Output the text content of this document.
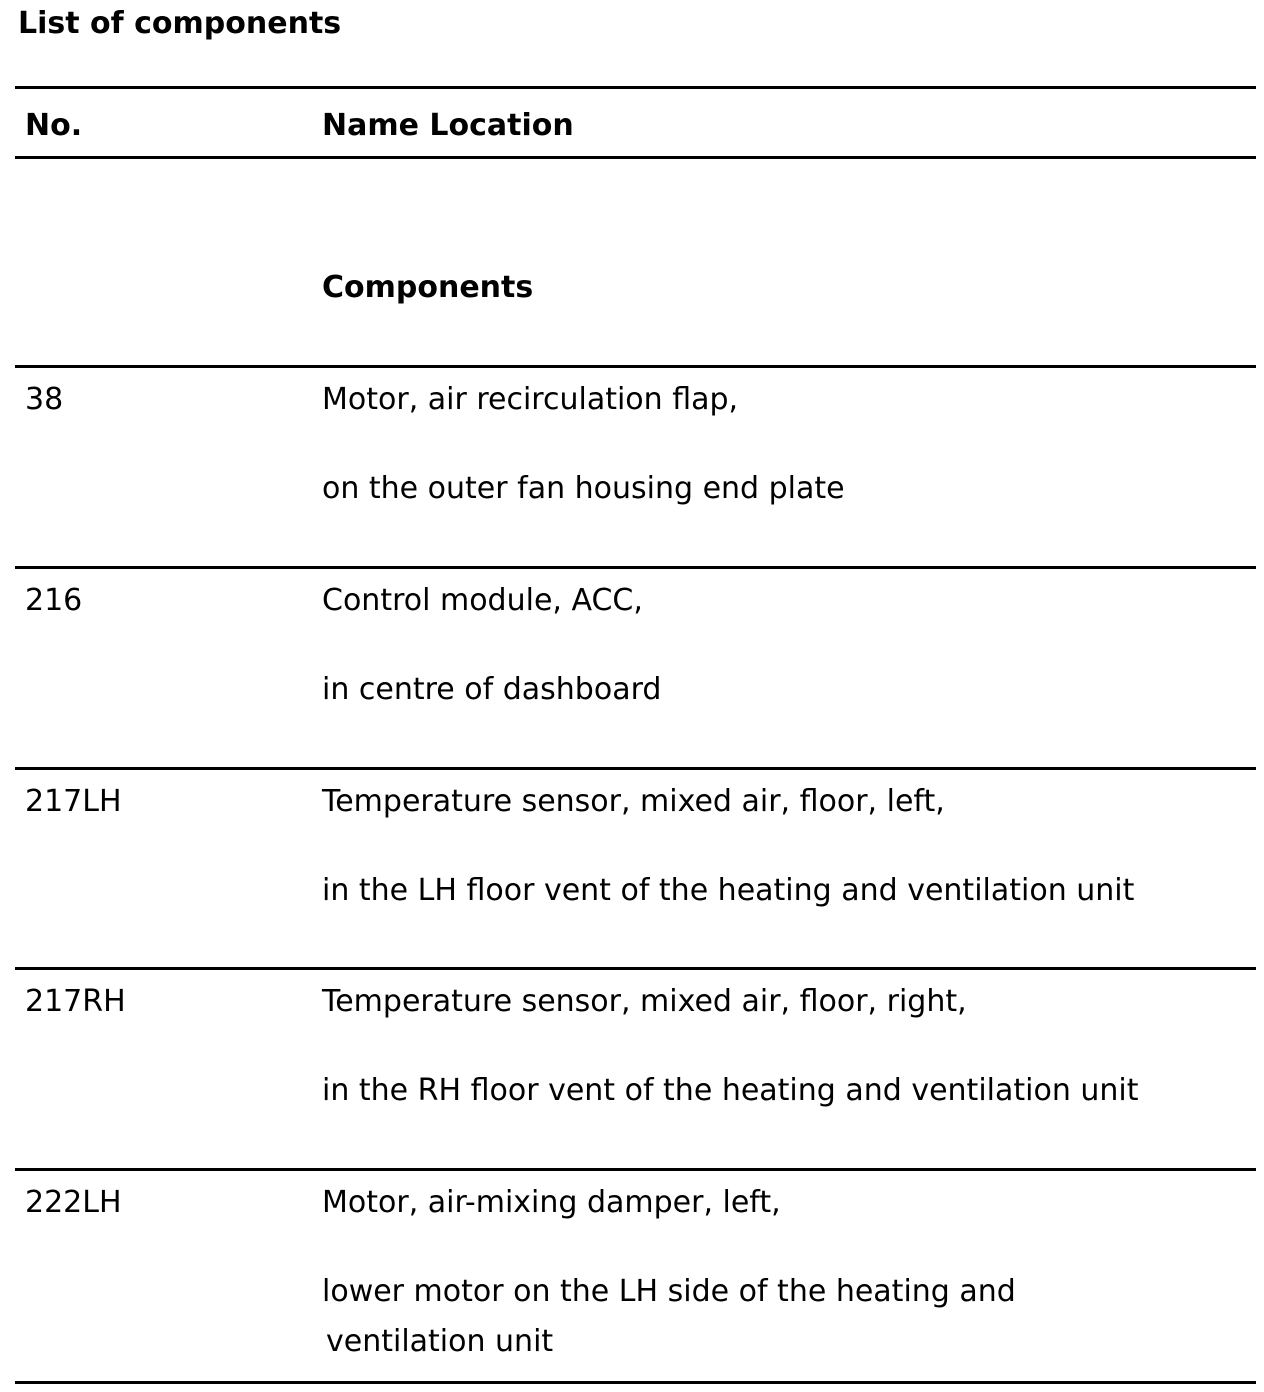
List of components
No.	Name Location
Components
38	Motor, air recirculation flap,
on the outer fan housing end plate
216	Control module, ACC,
in centre of dashboard
217LH	Temperature sensor, mixed air, floor, left,
in the LH floor vent of the heating and ventilation unit
217RH	Temperature sensor, mixed air, floor, right,
in the RH floor vent of the heating and ventilation unit
222LH	Motor, air-mixing damper, left,
lower motor on the LH side of the heating and
ventilation unit
